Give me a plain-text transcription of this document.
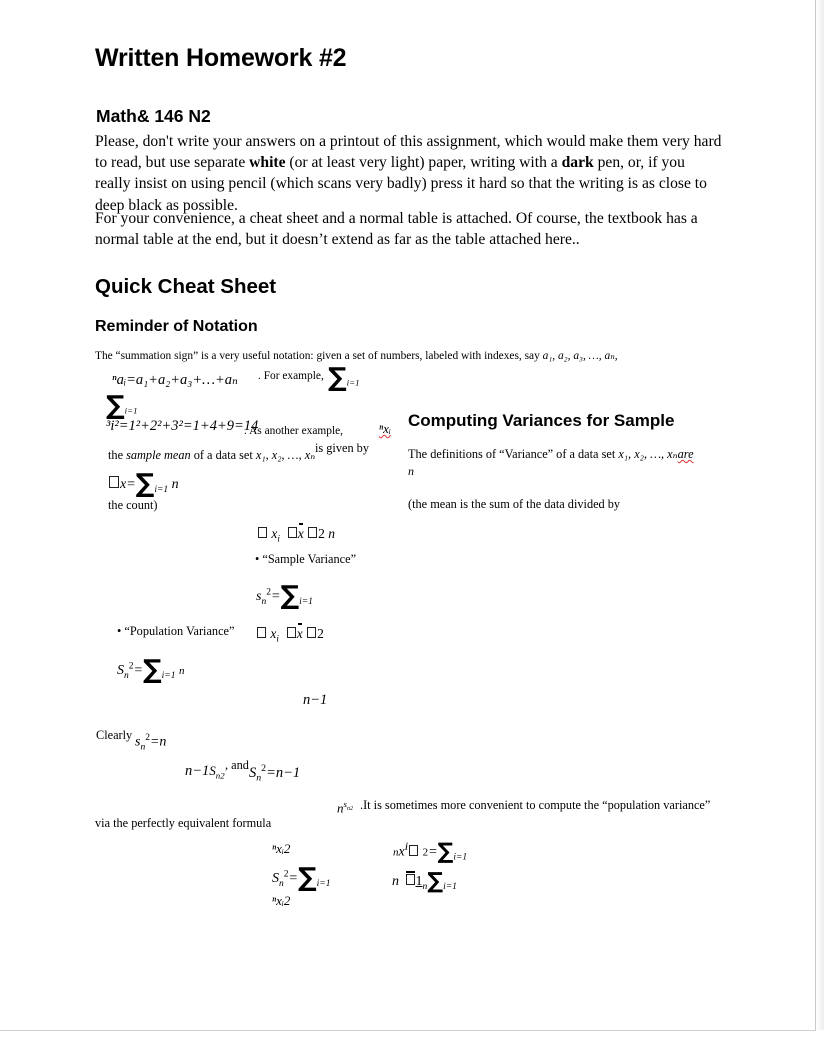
Written Homework #2
Math& 146 N2

Please, don't write your answers on a printout of this assignment, which would make them very hard to read, but use separate white (or at least very light) paper, writing with a dark pen, or, if you really insist on using pencil (which scans very badly) press it hard so that the writing is as close to deep black as possible.

For your convenience, a cheat sheet and a normal table is attached. Of course, the textbook has a normal table at the end, but it doesn’t extend as far as the table attached here..

Quick Cheat Sheet
Reminder of Notation

The “summation sign” is a very useful notation: given a set of numbers, labeled with indexes, say a₁, a₂, a₃, …, aₙ,

ⁿaᵢ=a₁+a₂+a₃+…+aₙ . For example, $\sum_{i=1}$
$\sum_{i=1}$
³i²=1²+2²+3²=1+4+9=14
. As another example,	ⁿxᵢ
the sample mean of a data set x₁, x₂, …, xₙ is given by
$x=\sum_{i=1}$ n
the count)
Computing Variances for Sample
The definitions of “Variance” of a data set x₁, x₂, …, xₙare
n
(the mean is the sum of the data divided by
$x_i$ x 2 n
• “Sample Variance”
$s_n^2=\sum_{i=1}$
• “Population Variance”	$x_i$ x 2
$S_n^2=\sum_{i=1}$ n
n−1
Clearly $s_n^2=n$
$n-1S_{n2}$
, and $S_n^2=n-1$
$n^{s_{n2}}$ .It is sometimes more convenient to compute the “population variance”
via the perfectly equivalent formula
ⁿxᵢ2
$S_n^2=\sum_{i=1}$
ⁿxᵢ2
$nx^i$ $2=\sum_{i=1}$
n $1_n\sum_{i=1}$
